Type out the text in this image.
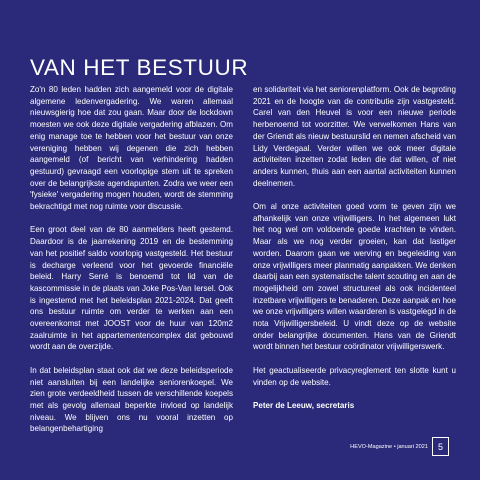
VAN HET BESTUUR

Zo'n 80 leden hadden zich aangemeld voor de digitale algemene ledenvergadering. We waren allemaal nieuwsgierig hoe dat zou gaan. Maar door de lockdown moesten we ook deze digitale vergadering afblazen. Om enig manage toe te hebben voor het bestuur van onze vereniging hebben wij degenen die zich hebben aangemeld (of bericht van verhindering hadden gestuurd) gevraagd een voorlopige stem uit te spreken over de belangrijkste agendapunten. Zodra we weer een 'fysieke' vergadering mogen houden, wordt de stemming bekrachtigd met nog ruimte voor discussie.

Een groot deel van de 80 aanmelders heeft gestemd. Daardoor is de jaarrekening 2019 en de bestemming van het positief saldo voorlopig vastgesteld. Het bestuur is decharge verleend voor het gevoerde financiële beleid. Harry Serré is benoemd tot lid van de kascommissie in de plaats van Joke Pos-Van Iersel. Ook is ingestemd met het beleidsplan 2021-2024. Dat geeft ons bestuur ruimte om verder te werken aan een overeenkomst met JOOST voor de huur van 120m2 zaalruimte in het appartementencomplex dat gebouwd wordt aan de overzijde.

In dat beleidsplan staat ook dat we deze beleidsperiode niet aansluiten bij een landelijke seniorenkoepel. We zien grote verdeeldheid tussen de verschillende koepels met als gevolg allemaal beperkte invloed op landelijk niveau. We blijven ons nu vooral inzetten op belangenbehartiging

en solidariteit via het seniorenplatform. Ook de begroting 2021 en de hoogte van de contributie zijn vastgesteld. Carel van den Heuvel is voor een nieuwe periode herbenoemd tot voorzitter. We verwelkomen Hans van der Griendt als nieuw bestuurslid en nemen afscheid van Lidy Verdegaal. Verder willen we ook meer digitale activiteiten inzetten zodat leden die dat willen, of niet anders kunnen, thuis aan een aantal activiteiten kunnen deelnemen.

Om al onze activiteiten goed vorm te geven zijn we afhankelijk van onze vrijwilligers. In het algemeen lukt het nog wel om voldoende goede krachten te vinden. Maar als we nog verder groeien, kan dat lastiger worden. Daarom gaan we werving en begeleiding van onze vrijwilligers meer planmatig aanpakken. We denken daarbij aan een systematische talent scouting en aan de mogelijkheid om zowel structureel als ook incidenteel inzetbare vrijwilligers te benaderen. Deze aanpak en hoe we onze vrijwilligers willen waarderen is vastgelegd in de nota Vrijwilligersbeleid. U vindt deze op de website onder belangrijke documenten. Hans van de Griendt wordt binnen het bestuur coördinator vrijwilligerswerk.

Het geactualiseerde privacyreglement ten slotte kunt u vinden op de website.

Peter de Leeuw, secretaris

HEVO-Magazine • januari 2021	5
